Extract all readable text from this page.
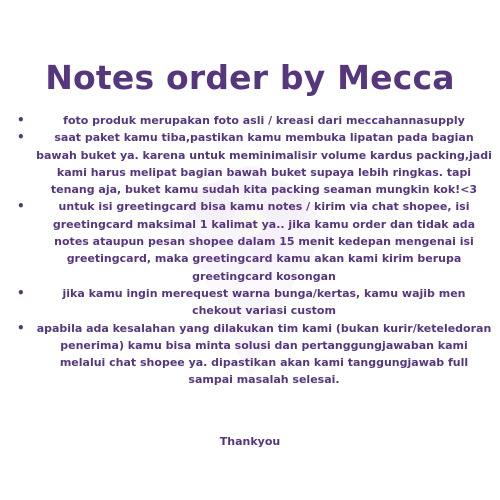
Notes order by Mecca
•	foto produk merupakan foto asli / kreasi dari meccahannasupply
•	saat paket kamu tiba,pastikan kamu membuka lipatan pada bagian bawah buket ya. karena untuk meminimalisir volume kardus packing,jadi kami harus melipat bagian bawah buket supaya lebih ringkas. tapi tenang aja, buket kamu sudah kita packing seaman mungkin kok!<3
•	untuk isi greetingcard bisa kamu notes / kirim via chat shopee, isi greetingcard maksimal 1 kalimat ya.. jika kamu order dan tidak ada notes ataupun pesan shopee dalam 15 menit kedepan mengenai isi greetingcard, maka greetingcard kamu akan kami kirim berupa greetingcard kosongan
•	jika kamu ingin merequest warna bunga/kertas, kamu wajib men chekout variasi custom
• apabila ada kesalahan yang dilakukan tim kami (bukan kurir/keteledoran penerima) kamu bisa minta solusi dan pertanggungjawaban kami melalui chat shopee ya. dipastikan akan kami tanggungjawab full sampai masalah selesai.
Thankyou
